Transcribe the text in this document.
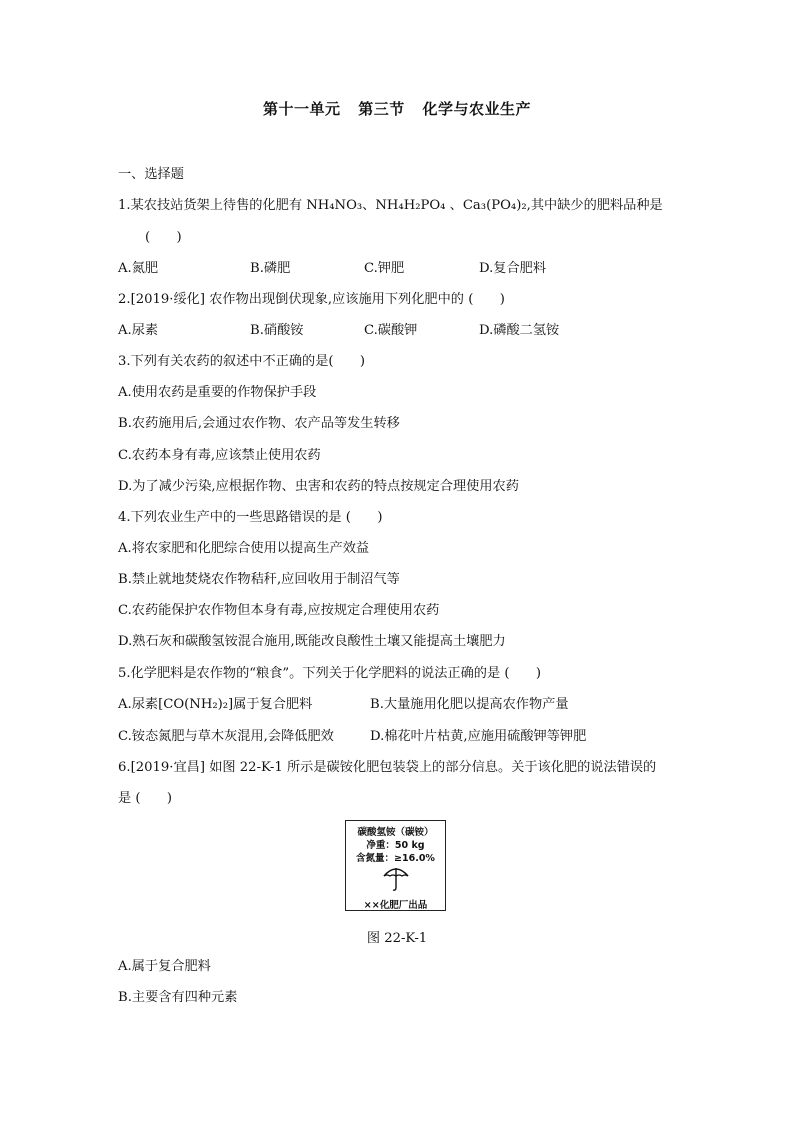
第十一单元 第三节 化学与农业生产
一、选择题
1.某农技站货架上待售的化肥有 NH₄NO₃、NH₄H₂PO₄ 、Ca₃(PO₄)₂,其中缺少的肥料品种是
(　　)
A.氮肥	B.磷肥	C.钾肥	D.复合肥料
2.[2019·绥化] 农作物出现倒伏现象,应该施用下列化肥中的 (　　)
A.尿素	B.硝酸铵	C.碳酸钾	D.磷酸二氢铵
3.下列有关农药的叙述中不正确的是(　　)
A.使用农药是重要的作物保护手段
B.农药施用后,会通过农作物、农产品等发生转移
C.农药本身有毒,应该禁止使用农药
D.为了减少污染,应根据作物、虫害和农药的特点按规定合理使用农药
4.下列农业生产中的一些思路错误的是 (　　)
A.将农家肥和化肥综合使用以提高生产效益
B.禁止就地焚烧农作物秸秆,应回收用于制沼气等
C.农药能保护农作物但本身有毒,应按规定合理使用农药
D.熟石灰和碳酸氢铵混合施用,既能改良酸性土壤又能提高土壤肥力
5.化学肥料是农作物的“粮食”。下列关于化学肥料的说法正确的是 (　　)
A.尿素[CO(NH₂)₂]属于复合肥料	B.大量施用化肥以提高农作物产量
C.铵态氮肥与草木灰混用,会降低肥效	D.棉花叶片枯黄,应施用硫酸钾等钾肥
6.[2019·宜昌] 如图 22-K-1 所示是碳铵化肥包装袋上的部分信息。关于该化肥的说法错误的
是 (　　)
碳酸氢铵（碳铵）
净重：50 kg
含氮量：≥16.0%
××化肥厂出品
图 22-K-1
A.属于复合肥料
B.主要含有四种元素
